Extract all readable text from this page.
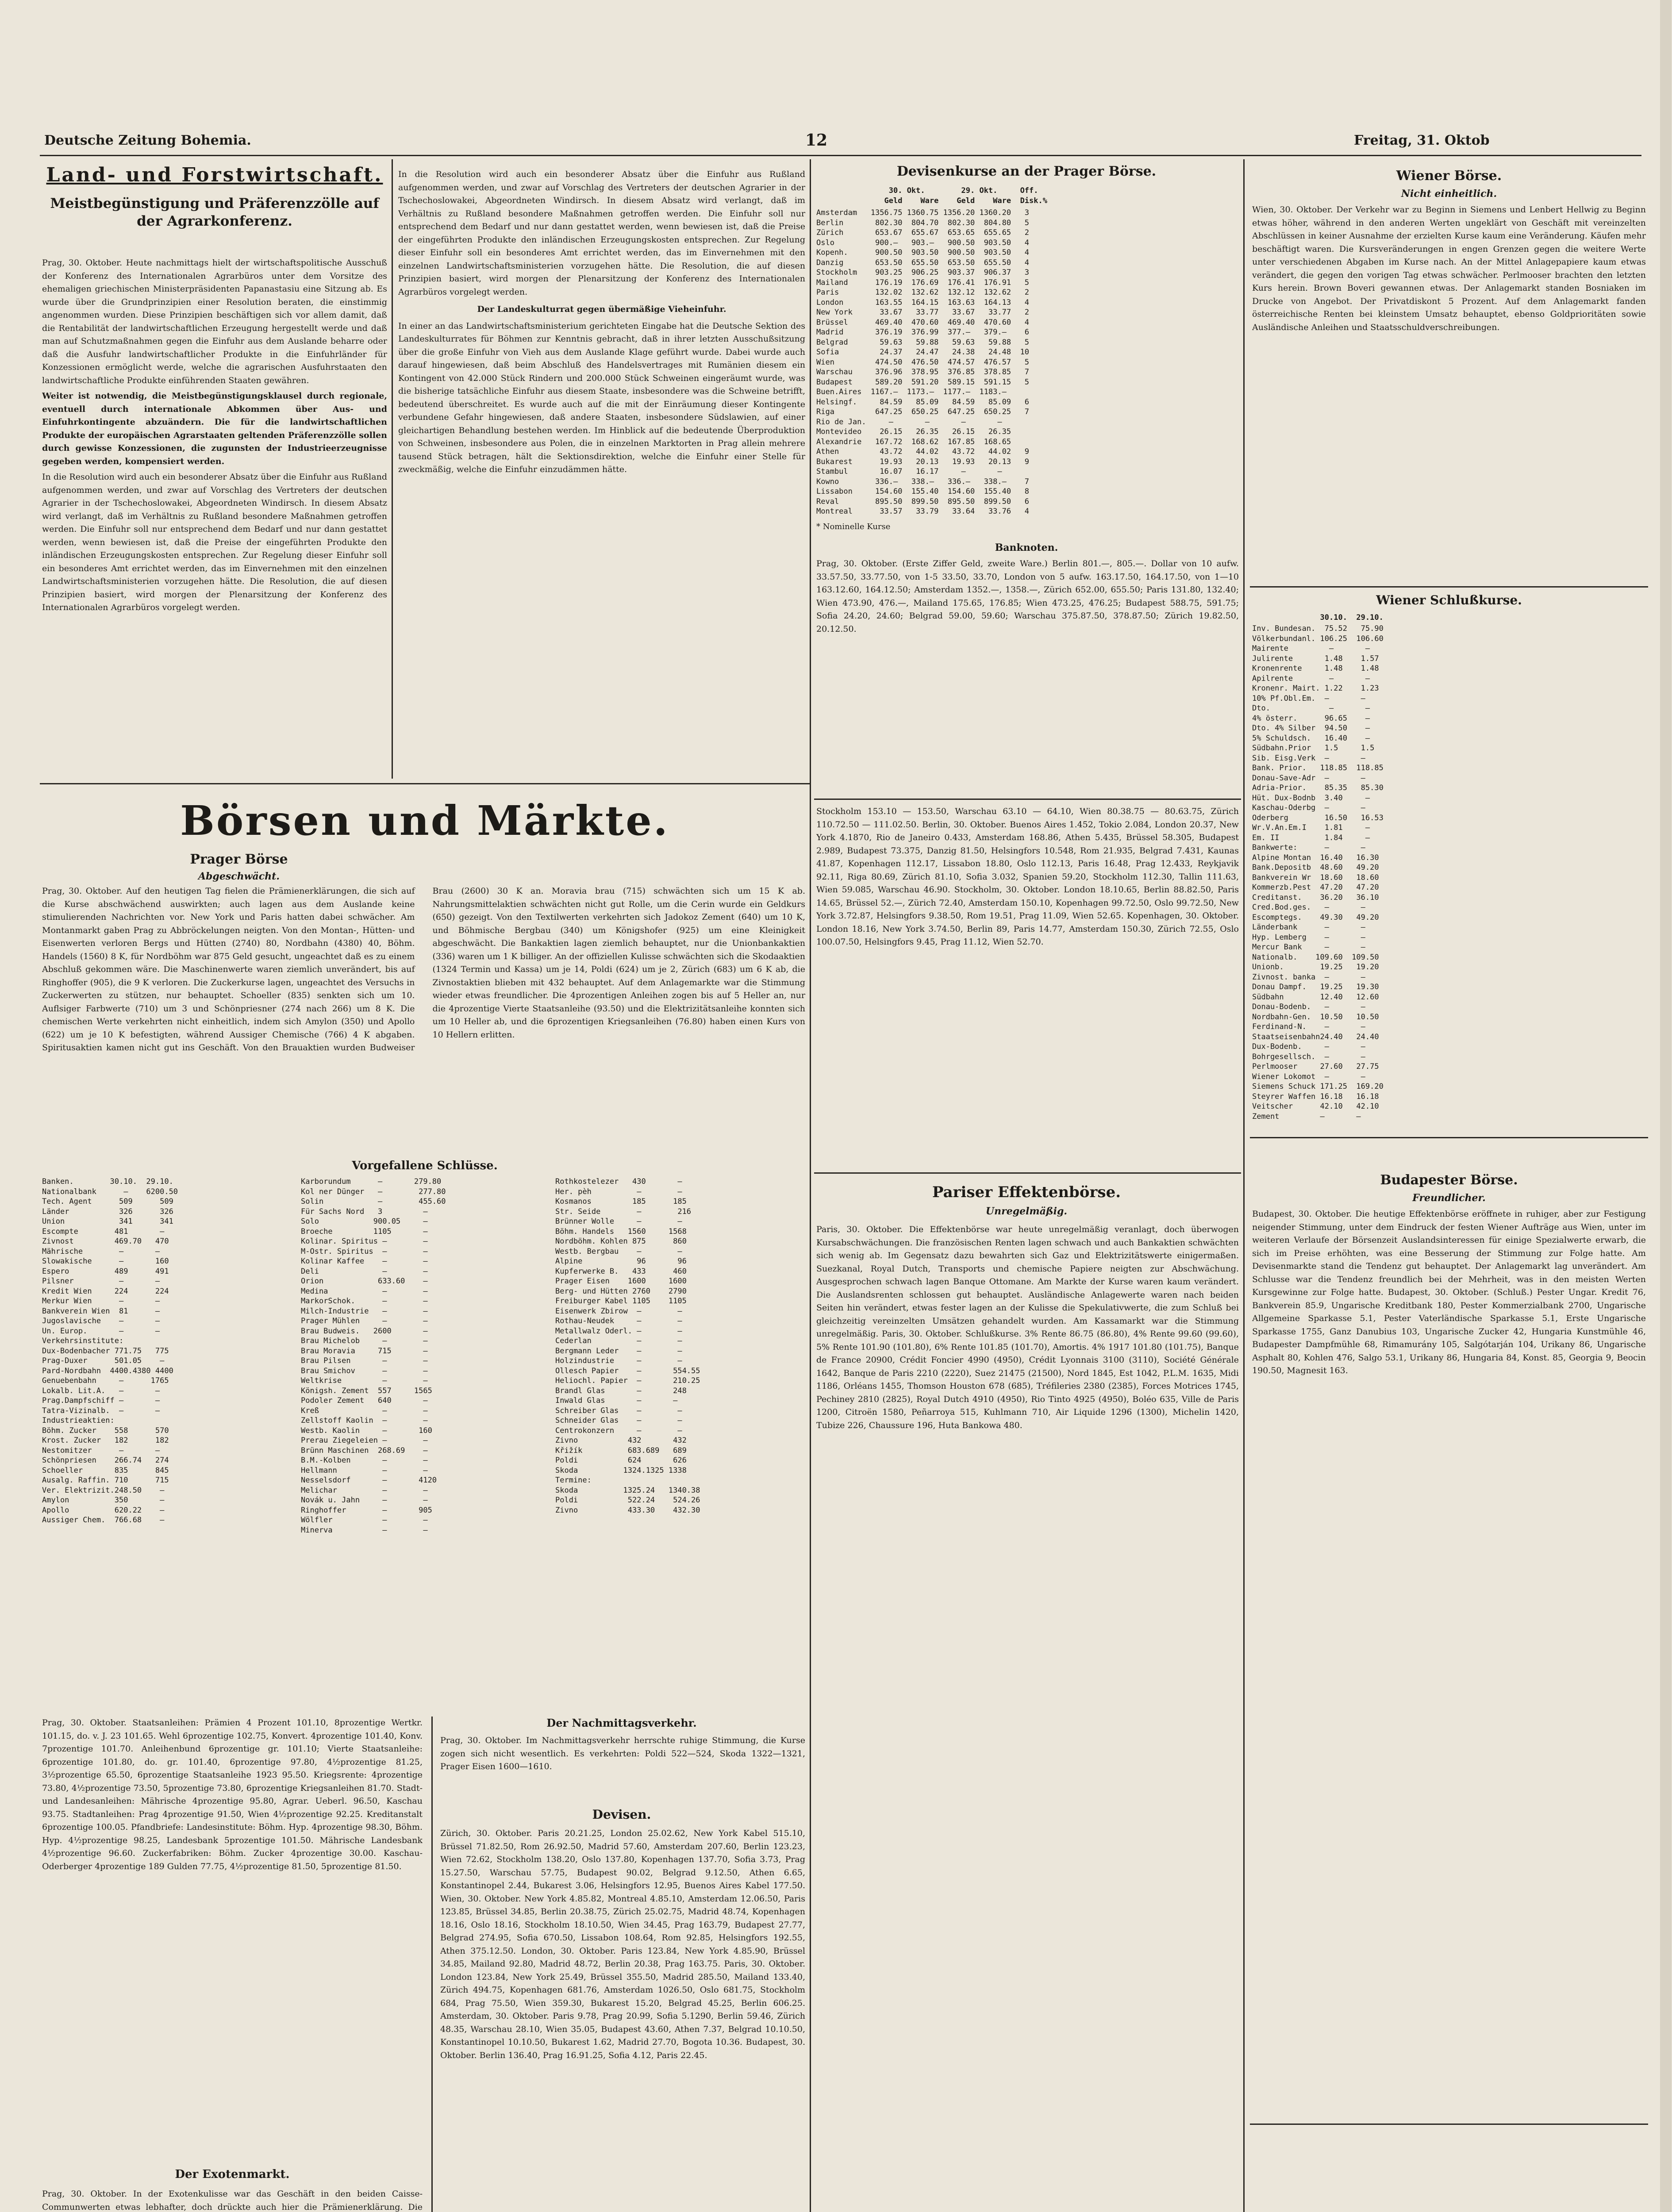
Deutsche Zeitung Bohemia.	12	Freitag, 31. Oktob
Land- und Forstwirtschaft.
Meistbegünstigung und Präferenzzölle auf der Agrarkonferenz.

Prag, 30. Oktober. Heute nachmittags hielt der wirtschaftspolitische Ausschuß der Konferenz des Internationalen Agrarbüros unter dem Vorsitze des ehemaligen griechischen Ministerpräsidenten Papanastasiu eine Sitzung ab. Es wurde über die Grundprinzipien einer Resolution beraten, die einstimmig angenommen wurden. Diese Prinzipien beschäftigen sich vor allem damit, daß die Rentabilität der landwirtschaftlichen Erzeugung hergestellt werde und daß man auf Schutzmaßnahmen gegen die Einfuhr aus dem Auslande beharre oder daß die Ausfuhr landwirtschaftlicher Produkte in die Einfuhrländer für Konzessionen ermöglicht werde, welche die agrarischen Ausfuhrstaaten den landwirtschaftliche Produkte einführenden Staaten gewähren.

Weiter ist notwendig, die Meistbegünstigungsklausel durch regionale, eventuell durch internationale Abkommen über Aus- und Einfuhrkontingente abzuändern. Die für die landwirtschaftlichen Produkte der europäischen Agrarstaaten geltenden Präferenzzölle sollen durch gewisse Konzessionen, die zugunsten der Industrieerzeugnisse gegeben werden, kompensiert werden.

In die Resolution wird auch ein besonderer Absatz über die Einfuhr aus Rußland aufgenommen werden, und zwar auf Vorschlag des Vertreters der deutschen Agrarier in der Tschechoslowakei, Abgeordneten Windirsch. In diesem Absatz wird verlangt, daß im Verhältnis zu Rußland besondere Maßnahmen getroffen werden. Die Einfuhr soll nur entsprechend dem Bedarf und nur dann gestattet werden, wenn bewiesen ist, daß die Preise der eingeführten Produkte den inländischen Erzeugungskosten entsprechen. Zur Regelung dieser Einfuhr soll ein besonderes Amt errichtet werden, das im Einvernehmen mit den einzelnen Landwirtschaftsministerien vorzugehen hätte. Die Resolution, die auf diesen Prinzipien basiert, wird morgen der Plenarsitzung der Konferenz des Internationalen Agrarbüros vorgelegt werden.

In die Resolution wird auch ein besonderer Absatz über die Einfuhr aus Rußland aufgenommen werden, und zwar auf Vorschlag des Vertreters der deutschen Agrarier in der Tschechoslowakei, Abgeordneten Windirsch. In diesem Absatz wird verlangt, daß im Verhältnis zu Rußland besondere Maßnahmen getroffen werden. Die Einfuhr soll nur entsprechend dem Bedarf und nur dann gestattet werden, wenn bewiesen ist, daß die Preise der eingeführten Produkte den inländischen Erzeugungskosten entsprechen. Zur Regelung dieser Einfuhr soll ein besonderes Amt errichtet werden, das im Einvernehmen mit den einzelnen Landwirtschaftsministerien vorzugehen hätte. Die Resolution, die auf diesen Prinzipien basiert, wird morgen der Plenarsitzung der Konferenz des Internationalen Agrarbüros vorgelegt werden.

Der Landeskulturrat gegen übermäßige Vieheinfuhr.

In einer an das Landwirtschaftsministerium gerichteten Eingabe hat die Deutsche Sektion des Landeskulturrates für Böhmen zur Kenntnis gebracht, daß in ihrer letzten Ausschußsitzung über die große Einfuhr von Vieh aus dem Auslande Klage geführt wurde. Dabei wurde auch darauf hingewiesen, daß beim Abschluß des Handelsvertrages mit Rumänien diesem ein Kontingent von 42.000 Stück Rindern und 200.000 Stück Schweinen eingeräumt wurde, was die bisherige tatsächliche Einfuhr aus diesem Staate, insbesondere was die Schweine betrifft, bedeutend überschreitet. Es wurde auch auf die mit der Einräumung dieser Kontingente verbundene Gefahr hingewiesen, daß andere Staaten, insbesondere Südslawien, auf einer gleichartigen Behandlung bestehen werden. Im Hinblick auf die bedeutende Überproduktion von Schweinen, insbesondere aus Polen, die in einzelnen Marktorten in Prag allein mehrere tausend Stück betragen, hält die Sektionsdirektion, welche die Einfuhr einer Stelle für zweckmäßig, welche die Einfuhr einzudämmen hätte.

Devisenkurse an der Prager Börse.
30. Okt.        29. Okt.     Off.
Geld    Ware    Geld    Ware  Disk.%
Amsterdam   1356.75 1360.75 1356.20 1360.20   3
Berlin       802.30  804.70  802.30  804.80   5
Zürich       653.67  655.67  653.65  655.65   2
Oslo         900.—   903.—   900.50  903.50   4
Kopenh.      900.50  903.50  900.50  903.50   4
Danzig       653.50  655.50  653.50  655.50   4
Stockholm    903.25  906.25  903.37  906.37   3
Mailand      176.19  176.69  176.41  176.91   5
Paris        132.02  132.62  132.12  132.62   2
London       163.55  164.15  163.63  164.13   4
New York      33.67   33.77   33.67   33.77   2
Brüssel      469.40  470.60  469.40  470.60   4
Madrid       376.19  376.99  377.—   379.—    6
Belgrad       59.63   59.88   59.63   59.88   5
Sofia         24.37   24.47   24.38   24.48  10
Wien         474.50  476.50  474.57  476.57   5
Warschau     376.96  378.95  376.85  378.85   7
Budapest     589.20  591.20  589.15  591.15   5
Buen.Aires  1167.—  1173.—  1177.—  1183.—
Helsingf.     84.59   85.09   84.59   85.09   6
Riga         647.25  650.25  647.25  650.25   7
Rio de Jan.     —       —       —       —
Montevideo    26.15   26.35   26.15   26.35
Alexandrie   167.72  168.62  167.85  168.65
Athen         43.72   44.02   43.72   44.02   9
Bukarest      19.93   20.13   19.93   20.13   9
Stambul       16.07   16.17     —       —
Kowno        336.—   338.—   336.—   338.—    7
Lissabon     154.60  155.40  154.60  155.40   8
Reval        895.50  899.50  895.50  899.50   6
Montreal      33.57   33.79   33.64   33.76   4
* Nominelle Kurse
Banknoten.
Prag, 30. Oktober. (Erste Ziffer Geld, zweite Ware.) Berlin 801.—, 805.—. Dollar von 10 aufw. 33.57.50, 33.77.50, von 1-5 33.50, 33.70, London von 5 aufw. 163.17.50, 164.17.50, von 1—10 163.12.60, 164.12.50; Amsterdam 1352.—, 1358.—, Zürich 652.00, 655.50; Paris 131.80, 132.40; Wien 473.90, 476.—, Mailand 175.65, 176.85; Wien 473.25, 476.25; Budapest 588.75, 591.75; Sofia 24.20, 24.60; Belgrad 59.00, 59.60; Warschau 375.87.50, 378.87.50; Zürich 19.82.50, 20.12.50.
Stockholm 153.10 — 153.50, Warschau 63.10 — 64.10, Wien 80.38.75 — 80.63.75, Zürich 110.72.50 — 111.02.50. Berlin, 30. Oktober. Buenos Aires 1.452, Tokio 2.084, London 20.37, New York 4.1870, Rio de Janeiro 0.433, Amsterdam 168.86, Athen 5.435, Brüssel 58.305, Budapest 2.989, Budapest 73.375, Danzig 81.50, Helsingfors 10.548, Rom 21.935, Belgrad 7.431, Kaunas 41.87, Kopenhagen 112.17, Lissabon 18.80, Oslo 112.13, Paris 16.48, Prag 12.433, Reykjavik 92.11, Riga 80.69, Zürich 81.10, Sofia 3.032, Spanien 59.20, Stockholm 112.30, Tallin 111.63, Wien 59.085, Warschau 46.90. Stockholm, 30. Oktober. London 18.10.65, Berlin 88.82.50, Paris 14.65, Brüssel 52.—, Zürich 72.40, Amsterdam 150.10, Kopenhagen 99.72.50, Oslo 99.72.50, New York 3.72.87, Helsingfors 9.38.50, Rom 19.51, Prag 11.09, Wien 52.65. Kopenhagen, 30. Oktober. London 18.16, New York 3.74.50, Berlin 89, Paris 14.77, Amsterdam 150.30, Zürich 72.55, Oslo 100.07.50, Helsingfors 9.45, Prag 11.12, Wien 52.70.
Wiener Börse.
Nicht einheitlich.
Wien, 30. Oktober. Der Verkehr war zu Beginn in Siemens und Lenbert Hellwig zu Beginn etwas höher, während in den anderen Werten ungeklärt von Geschäft mit vereinzelten Abschlüssen in keiner Ausnahme der erzielten Kurse kaum eine Veränderung. Käufen mehr beschäftigt waren. Die Kursveränderungen in engen Grenzen gegen die weitere Werte unter verschiedenen Abgaben im Kurse nach. An der Mittel Anlagepapiere kaum etwas verändert, die gegen den vorigen Tag etwas schwächer. Perlmooser brachten den letzten Kurs herein. Brown Boveri gewannen etwas. Der Anlagemarkt standen Bosniaken im Drucke von Angebot. Der Privatdiskont 5 Prozent. Auf dem Anlagemarkt fanden österreichische Renten bei kleinstem Umsatz behauptet, ebenso Goldprioritäten sowie Ausländische Anleihen und Staatsschuldverschreibungen.
Wiener Schlußkurse.
30.10.  29.10.
Inv. Bundesan.  75.52   75.90
Völkerbundanl. 106.25  106.60
Mairente         —       —
Julirente       1.48    1.57
Kronenrente     1.48    1.48
Apilrente        —       —
Kronenr. Mairt. 1.22    1.23
10% Pf.Obl.Em.  —       —
Dto.             —       —
4% österr.      96.65    —
Dto. 4% Silber  94.50    —
5% Schuldsch.   16.40    —
Südbahn.Prior   1.5     1.5
Sib. Eisg.Verk  —       —
Bank. Prior.   118.85  118.85
Donau-Save-Adr  —       —
Adria-Prior.    85.35   85.30
Hüt. Dux-Bodnb  3.40     —
Kaschau-Oderbg  —       —
Oderberg        16.50   16.53
Wr.V.An.Em.I    1.81     —
Em. II          1.84     —
Bankwerte:      —       —
Alpine Montan  16.40   16.30
Bank.Depositb  48.60   49.20
Bankverein Wr  18.60   18.60
Kommerzb.Pest  47.20   47.20
Creditanst.    36.20   36.10
Cred.Bod.ges.   —       —
Escomptegs.    49.30   49.20
Länderbank      —       —
Hyp. Lemberg    —       —
Mercur Bank     —       —
Nationalb.    109.60  109.50
Unionb.        19.25   19.20
Zivnost. banka  —       —
Donau Dampf.   19.25   19.30
Südbahn        12.40   12.60
Donau-Bodenb.   —       —
Nordbahn-Gen.  10.50   10.50
Ferdinand-N.    —       —
Staatseisenbahn24.40   24.40
Dux-Bodenb.     —       —
Bohrgesellsch.  —       —
Perlmooser     27.60   27.75
Wiener Lokomot  —       —
Siemens Schuck 171.25  169.20
Steyrer Waffen 16.18   16.18
Veitscher      42.10   42.10
Zement         —       —
Börsen und Märkte.
Prager Börse
Abgeschwächt.
Prag, 30. Oktober. Auf den heutigen Tag fielen die Prämienerklärungen, die sich auf die Kurse abschwächend auswirkten; auch lagen aus dem Auslande keine stimulierenden Nachrichten vor. New York und Paris hatten dabei schwächer. Am Montanmarkt gaben Prag zu Abbröckelungen neigten. Von den Montan-, Hütten- und Eisenwerten verloren Bergs und Hütten (2740) 80, Nordbahn (4380) 40, Böhm. Handels (1560) 8 K, für Nordböhm war 875 Geld gesucht, ungeachtet daß es zu einem Abschluß gekommen wäre. Die Maschinenwerte waren ziemlich unverändert, bis auf Ringhoffer (905), die 9 K verloren. Die Zuckerkurse lagen, ungeachtet des Versuchs in Zuckerwerten zu stützen, nur behauptet. Schoeller (835) senkten sich um 10. Auflsiger Farbwerte (710) um 3 und Schönpriesner (274 nach 266) um 8 K. Die chemischen Werte verkehrten nicht einheitlich, indem sich Amylon (350) und Apollo (622) um je 10 K befestigten, während Aussiger Chemische (766) 4 K abgaben. Spiritusaktien kamen nicht gut ins Geschäft. Von den Brauaktien wurden Budweiser Brau (2600) 30 K an. Moravia brau (715) schwächten sich um 15 K ab. Nahrungsmittelaktien schwächten nicht gut Rolle, um die Cerin wurde ein Geldkurs (650) gezeigt. Von den Textilwerten verkehrten sich Jadokoz Zement (640) um 10 K, und Böhmische Bergbau (340) um Königshofer (925) um eine Kleinigkeit abgeschwächt. Die Bankaktien lagen ziemlich behauptet, nur die Unionbankaktien (336) waren um 1 K billiger. An der offiziellen Kulisse schwächten sich die Skodaaktien (1324 Termin und Kassa) um je 14, Poldi (624) um je 2, Zürich (683) um 6 K ab, die Zivnostaktien blieben mit 432 behauptet. Auf dem Anlagemarkte war die Stimmung wieder etwas freundlicher. Die 4prozentigen Anleihen zogen bis auf 5 Heller an, nur die 4prozentige Vierte Staatsanleihe (93.50) und die Elektrizitätsanleihe konnten sich um 10 Heller ab, und die 6prozentigen Kriegsanleihen (76.80) haben einen Kurs von 10 Hellern erlitten.
Vorgefallene Schlüsse.
Banken.        30.10.  29.10.
Nationalbank      —    6200.50
Tech. Agent      509      509
Länder           326      326
Union            341      341
Escompte        481       —
Zivnost         469.70   470
Mährische        —       —
Slowakische      —       160
Espero          489      491
Pilsner          —       —
Kredit Wien     224      224
Merkur Wien      —       —
Bankverein Wien  81      —
Jugoslavische    —       —
Un. Europ.       —       —
Verkehrsinstitute:
Dux-Bodenbacher 771.75   775
Prag-Duxer      501.05    —
Pard-Nordbahn  4400.4380 4400
Genuebenbahn     —      1765
Lokalb. Lit.A.   —       —
Prag.Dampfschiff —       —
Tatra-Vizinalb.  —       —
Industrieaktien:
Böhm. Zucker    558      570
Krost. Zucker   182      182
Nestomitzer      —       —
Schönpriesen    266.74   274
Schoeller       835      845
Ausalg. Raffin. 710      715
Ver. Elektrizit.248.50    —
Amylon          350       —
Apollo          620.22    —
Aussiger Chem.  766.68    —
Karborundum      —       279.80
Kol ner Dünger   —        277.80
Solin            —        455.60
Für Sachs Nord   3         —
Solo            900.05     —
Broeche         1105       —
Kolinar. Spiritus —        —
M-Ostr. Spiritus  —        —
Kolinar Kaffee    —        —
Deli              —        —
Orion            633.60    —
Medina            —        —
MarkorSchok.      —        —
Milch-Industrie   —        —
Prager Mühlen     —        —
Brau Budweis.   2600       —
Brau Michelob     —        —
Brau Moravia     715       —
Brau Pilsen       —        —
Brau Smichov      —        —
Weltkrise         —        —
Königsh. Zement  557     1565
Podoler Zement   640       —
Kreß              —        —
Zellstoff Kaolin  —        —
Westb. Kaolin     —       160
Prerau Ziegeleien —        —
Brünn Maschinen  268.69    —
B.M.-Kolben       —        —
Hellmann          —        —
Nesselsdorf       —       4120
Melichar          —        —
Novák u. Jahn     —        —
Ringhoffer        —       905
Wölfler           —        —
Minerva           —        —
Rothkostelezer   430       —
Her. pèh          —        —
Kosmanos         185      185
Str. Seide        —        216
Brünner Wolle     —        —
Böhm. Handels   1560     1568
Nordböhm. Kohlen 875      860
Westb. Bergbau    —        —
Alpine            96       96
Kupferwerke B.   433      460
Prager Eisen    1600     1600
Berg- und Hütten 2760    2790
Freiburger Kabel 1105    1105
Eisenwerk Zbirow  —        —
Rothau-Neudek     —        —
Metallwalz Oderl. —        —
Cederlan          —        —
Bergmann Leder    —        —
Holzindustrie     —        —
Ollesch Papier    —       554.55
Heliochl. Papier  —       210.25
Brandl Glas       —       248
Inwald Glas       —       —
Schreiber Glas    —        —
Schneider Glas    —        —
Centrokonzern     —        —
Zivno           432       432
Křižík          683.689   689
Poldi           624       626
Skoda          1324.1325 1338
Termine:
Skoda          1325.24   1340.38
Poldi           522.24    524.26
Zivno           433.30    432.30
Prag, 30. Oktober. Staatsanleihen: Prämien 4 Prozent 101.10, 8prozentige Wertkr. 101.15, do. v. J. 23 101.65. Wehl 6prozentige 102.75, Konvert. 4prozentige 101.40, Konv. 7prozentige 101.70. Anleihenbund 6prozentige gr. 101.10; Vierte Staatsanleihe: 6prozentige 101.80, do. gr. 101.40, 6prozentige 97.80, 4½prozentige 81.25, 3½prozentige 65.50, 6prozentige Staatsanleihe 1923 95.50. Kriegsrente: 4prozentige 73.80, 4½prozentige 73.50, 5prozentige 73.80, 6prozentige Kriegsanleihen 81.70. Stadt- und Landesanleihen: Mährische 4prozentige 95.80, Agrar. Ueberl. 96.50, Kaschau 93.75. Stadtanleihen: Prag 4prozentige 91.50, Wien 4½prozentige 92.25. Kreditanstalt 6prozentige 100.05. Pfandbriefe: Landesinstitute: Böhm. Hyp. 4prozentige 98.30, Böhm. Hyp. 4½prozentige 98.25, Landesbank 5prozentige 101.50. Mährische Landesbank 4½prozentige 96.60. Zuckerfabriken: Böhm. Zucker 4prozentige 30.00. Kaschau-Oderberger 4prozentige 189 Gulden 77.75, 4½prozentige 81.50, 5prozentige 81.50.
Der Exotenmarkt.
Prag, 30. Oktober. In der Exotenkulisse war das Geschäft in den beiden Caisse-Communwerten etwas lebhafter, doch drückte auch hier die Prämienerklärung. Die
Der Nachmittagsverkehr.
Prag, 30. Oktober. Im Nachmittagsverkehr herrschte ruhige Stimmung, die Kurse zogen sich nicht wesentlich. Es verkehrten: Poldi 522—524, Skoda 1322—1321, Prager Eisen 1600—1610.
Devisen.
Zürich, 30. Oktober. Paris 20.21.25, London 25.02.62, New York Kabel 515.10, Brüssel 71.82.50, Rom 26.92.50, Madrid 57.60, Amsterdam 207.60, Berlin 123.23, Wien 72.62, Stockholm 138.20, Oslo 137.80, Kopenhagen 137.70, Sofia 3.73, Prag 15.27.50, Warschau 57.75, Budapest 90.02, Belgrad 9.12.50, Athen 6.65, Konstantinopel 2.44, Bukarest 3.06, Helsingfors 12.95, Buenos Aires Kabel 177.50. Wien, 30. Oktober. New York 4.85.82, Montreal 4.85.10, Amsterdam 12.06.50, Paris 123.85, Brüssel 34.85, Berlin 20.38.75, Zürich 25.02.75, Madrid 48.74, Kopenhagen 18.16, Oslo 18.16, Stockholm 18.10.50, Wien 34.45, Prag 163.79, Budapest 27.77, Belgrad 274.95, Sofia 670.50, Lissabon 108.64, Rom 92.85, Helsingfors 192.55, Athen 375.12.50. London, 30. Oktober. Paris 123.84, New York 4.85.90, Brüssel 34.85, Mailand 92.80, Madrid 48.72, Berlin 20.38, Prag 163.75. Paris, 30. Oktober. London 123.84, New York 25.49, Brüssel 355.50, Madrid 285.50, Mailand 133.40, Zürich 494.75, Kopenhagen 681.76, Amsterdam 1026.50, Oslo 681.75, Stockholm 684, Prag 75.50, Wien 359.30, Bukarest 15.20, Belgrad 45.25, Berlin 606.25. Amsterdam, 30. Oktober. Paris 9.78, Prag 20.99, Sofia 5.1290, Berlin 59.46, Zürich 48.35, Warschau 28.10, Wien 35.05, Budapest 43.60, Athen 7.37, Belgrad 10.10.50, Konstantinopel 10.10.50, Bukarest 1.62, Madrid 27.70, Bogota 10.36. Budapest, 30. Oktober. Berlin 136.40, Prag 16.91.25, Sofia 4.12, Paris 22.45.
Pariser Effektenbörse.
Unregelmäßig.
Paris, 30. Oktober. Die Effektenbörse war heute unregelmäßig veranlagt, doch überwogen Kursabschwächungen. Die französischen Renten lagen schwach und auch Bankaktien schwächten sich wenig ab. Im Gegensatz dazu bewahrten sich Gaz und Elektrizitätswerte einigermaßen. Suezkanal, Royal Dutch, Transports und chemische Papiere neigten zur Abschwächung. Ausgesprochen schwach lagen Banque Ottomane. Am Markte der Kurse waren kaum verändert. Die Auslandsrenten schlossen gut behauptet. Ausländische Anlagewerte waren nach beiden Seiten hin verändert, etwas fester lagen an der Kulisse die Spekulativwerte, die zum Schluß bei gleichzeitig vereinzelten Umsätzen gehandelt wurden. Am Kassamarkt war die Stimmung unregelmäßig. Paris, 30. Oktober. Schlußkurse. 3% Rente 86.75 (86.80), 4% Rente 99.60 (99.60), 5% Rente 101.90 (101.80), 6% Rente 101.85 (101.70), Amortis. 4% 1917 101.80 (101.75), Banque de France 20900, Crédit Foncier 4990 (4950), Crédit Lyonnais 3100 (3110), Société Générale 1642, Banque de Paris 2210 (2220), Suez 21475 (21500), Nord 1845, Est 1042, P.L.M. 1635, Midi 1186, Orléans 1455, Thomson Houston 678 (685), Tréfileries 2380 (2385), Forces Motrices 1745, Pechiney 2810 (2825), Royal Dutch 4910 (4950), Rio Tinto 4925 (4950), Boléo 635, Ville de Paris 1200, Citroën 1580, Peñarroya 515, Kuhlmann 710, Air Liquide 1296 (1300), Michelin 1420, Tubize 226, Chaussure 196, Huta Bankowa 480.
Budapester Börse.
Freundlicher.
Budapest, 30. Oktober. Die heutige Effektenbörse eröffnete in ruhiger, aber zur Festigung neigender Stimmung, unter dem Eindruck der festen Wiener Aufträge aus Wien, unter im weiteren Verlaufe der Börsenzeit Auslandsinteressen für einige Spezialwerte erwarb, die sich im Preise erhöhten, was eine Besserung der Stimmung zur Folge hatte. Am Devisenmarkte stand die Tendenz gut behauptet. Der Anlagemarkt lag unverändert. Am Schlusse war die Tendenz freundlich bei der Mehrheit, was in den meisten Werten Kursgewinne zur Folge hatte. Budapest, 30. Oktober. (Schluß.) Pester Ungar. Kredit 76, Bankverein 85.9, Ungarische Kreditbank 180, Pester Kommerzialbank 2700, Ungarische Allgemeine Sparkasse 5.1, Pester Vaterländische Sparkasse 5.1, Erste Ungarische Sparkasse 1755, Ganz Danubius 103, Ungarische Zucker 42, Hungaria Kunstmühle 46, Budapester Dampfmühle 68, Rimamurány 105, Salgótarján 104, Urikany 86, Ungarische Asphalt 80, Kohlen 476, Salgo 53.1, Urikany 86, Hungaria 84, Konst. 85, Georgia 9, Beocin 190.50, Magnesit 163.
